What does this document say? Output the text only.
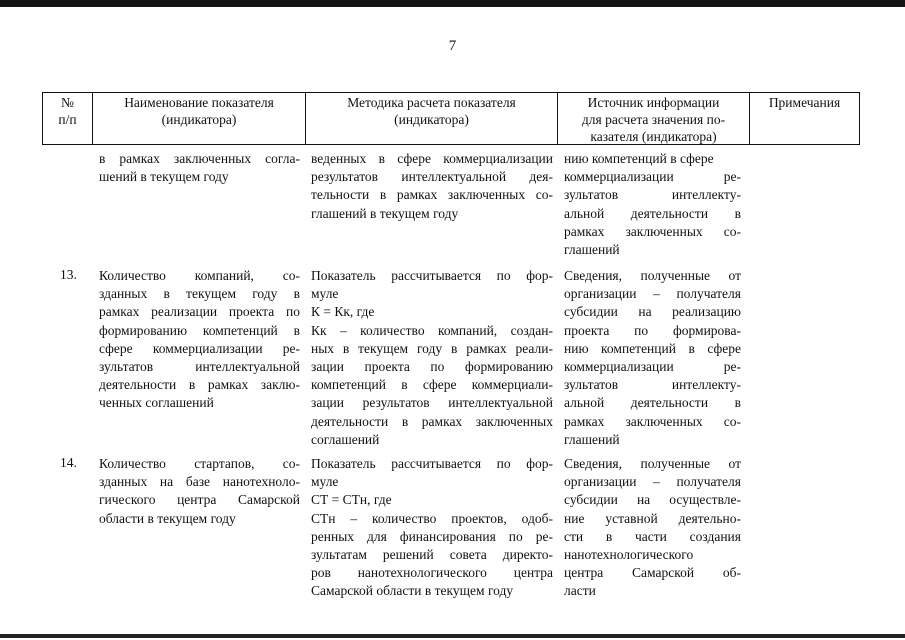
7
№
п/п
Наименование показателя
(индикатора)
Методика расчета показателя
(индикатора)
Источник информации
для расчета значения по-
казателя (индикатора)
Примечания
в рамках заключенных согла-
шений в текущем году
веденных в сфере коммерциализации
результатов интеллектуальной дея-
тельности в рамках заключенных со-
глашений в текущем году
нию компетенций в сфере
коммерциализации ре-
зультатов интеллекту-
альной деятельности в
рамках заключенных со-
глашений
13. Количество компаний, со-
зданных в текущем году в
рамках реализации проекта по
формированию компетенций в
сфере коммерциализации ре-
зультатов интеллектуальной
деятельности в рамках заклю-
ченных соглашений
Показатель рассчитывается по фор-
муле
К = Кк, где
Кк – количество компаний, создан-
ных в текущем году в рамках реали-
зации проекта по формированию
компетенций в сфере коммерциали-
зации результатов интеллектуальной
деятельности в рамках заключенных
соглашений
Сведения, полученные от
организации – получателя
субсидии на реализацию
проекта по формирова-
нию компетенций в сфере
коммерциализации ре-
зультатов интеллекту-
альной деятельности в
рамках заключенных со-
глашений
14. Количество стартапов, со-
зданных на базе нанотехноло-
гического центра Самарской
области в текущем году
Показатель рассчитывается по фор-
муле
СТ = СТн, где
СТн – количество проектов, одоб-
ренных для финансирования по ре-
зультатам решений совета директо-
ров нанотехнологического центра
Самарской области в текущем году
Сведения, полученные от
организации – получателя
субсидии на осуществле-
ние уставной деятельно-
сти в части создания
нанотехнологического
центра Самарской об-
ласти
